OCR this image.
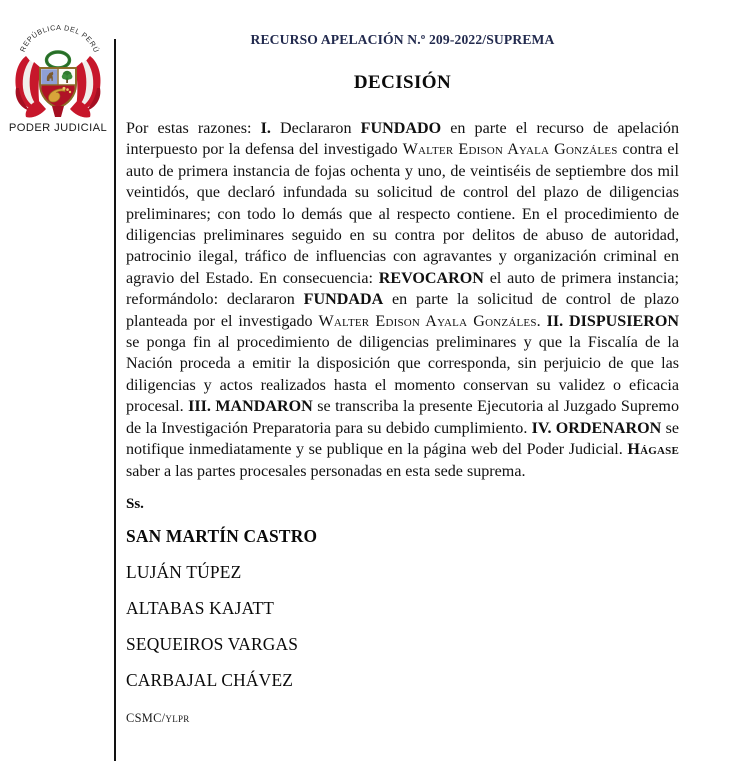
REPÚBLICA DEL PERÚ
PODER JUDICIAL
RECURSO APELACIÓN N.º 209-2022/SUPREMA
DECISIÓN
Por estas razones: I. Declararon FUNDADO en parte el recurso de apelación interpuesto por la defensa del investigado Walter Edison Ayala Gonzáles contra el auto de primera instancia de fojas ochenta y uno, de veintiséis de septiembre dos mil veintidós, que declaró infundada su solicitud de control del plazo de diligencias preliminares; con todo lo demás que al respecto contiene. En el procedimiento de diligencias preliminares seguido en su contra por delitos de abuso de autoridad, patrocinio ilegal, tráfico de influencias con agravantes y organización criminal en agravio del Estado. En consecuencia: REVOCARON el auto de primera instancia; reformándolo: declararon FUNDADA en parte la solicitud de control de plazo planteada por el investigado Walter Edison Ayala Gonzáles. II. DISPUSIERON se ponga fin al procedimiento de diligencias preliminares y que la Fiscalía de la Nación proceda a emitir la disposición que corresponda, sin perjuicio de que las diligencias y actos realizados hasta el momento conservan su validez o eficacia procesal. III. MANDARON se transcriba la presente Ejecutoria al Juzgado Supremo de la Investigación Preparatoria para su debido cumplimiento. IV. ORDENARON se notifique inmediatamente y se publique en la página web del Poder Judicial. Hágase saber a las partes procesales personadas en esta sede suprema.
Ss.
SAN MARTÍN CASTRO
LUJÁN TÚPEZ
ALTABAS KAJATT
SEQUEIROS VARGAS
CARBAJAL CHÁVEZ
CSMC/ylpr
